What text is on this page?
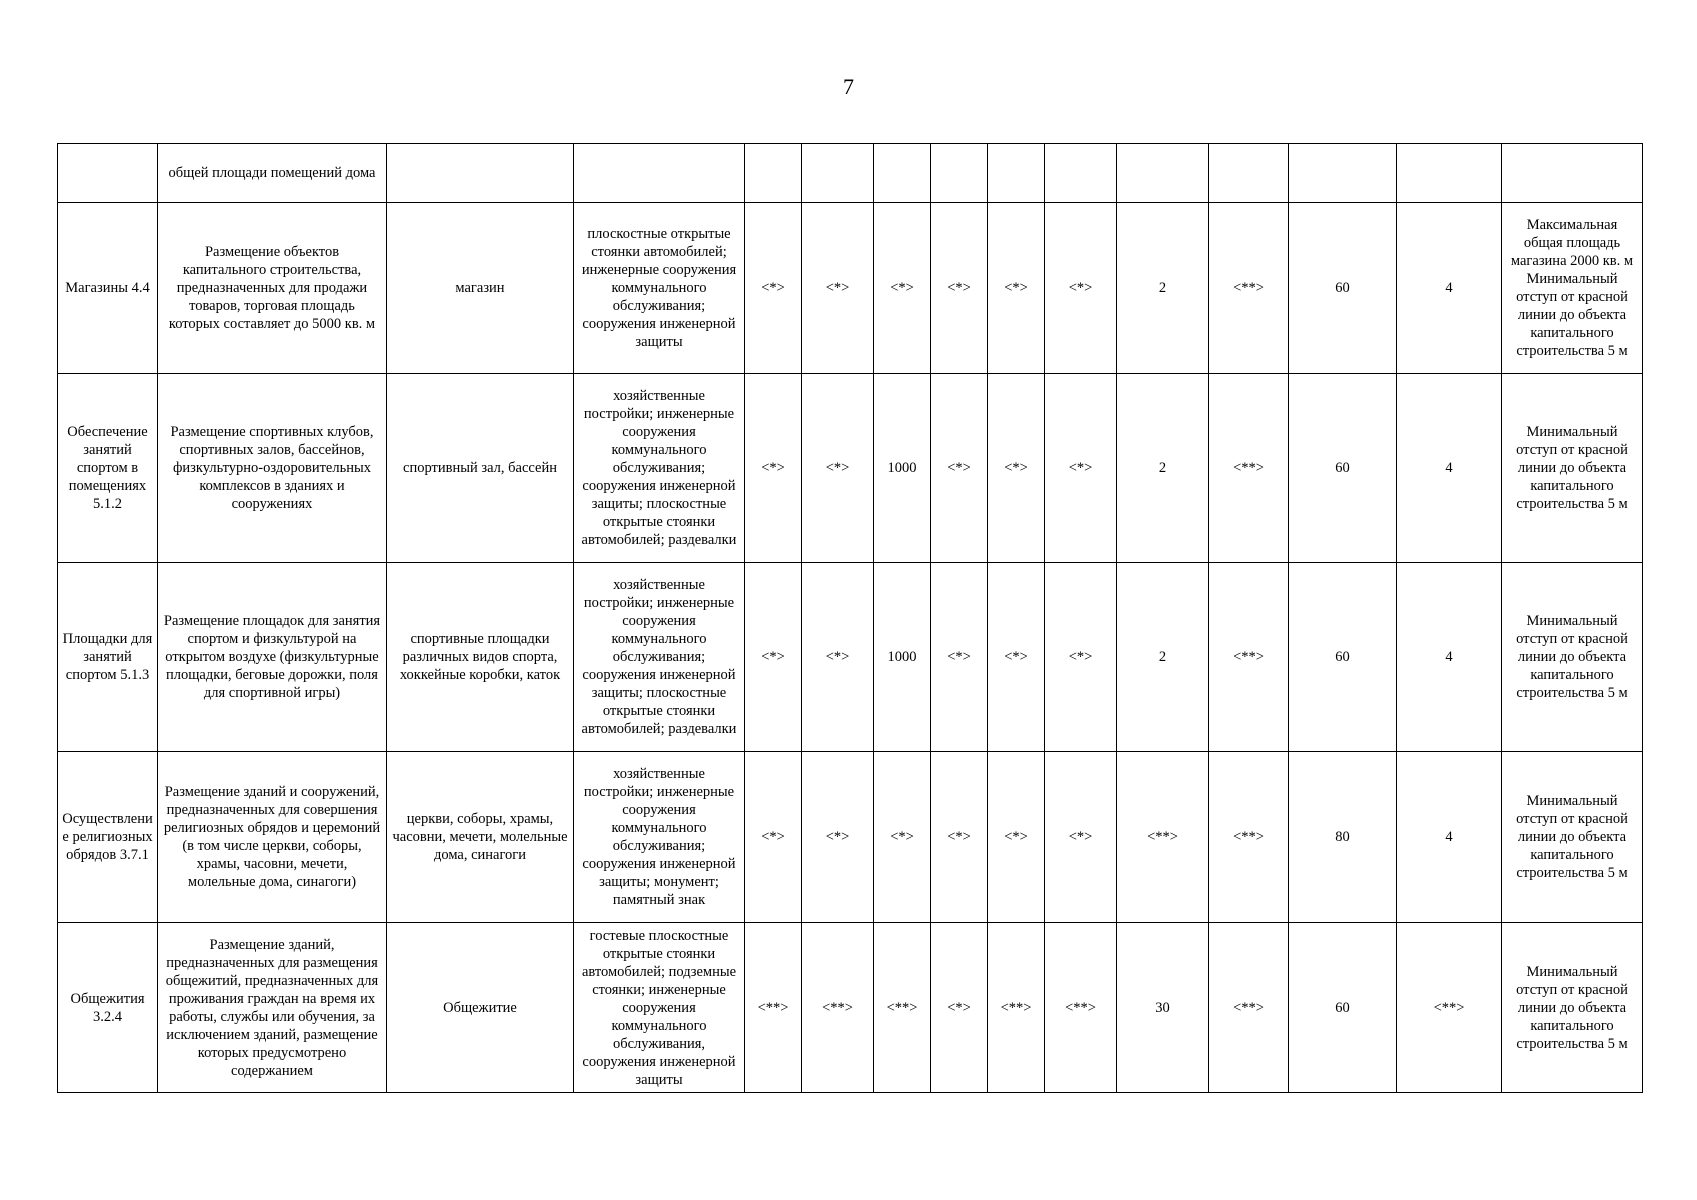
7
	общей площади помещений дома													
Магазины 4.4	Размещение объектов капитального строительства, предназначенных для продажи товаров, торговая площадь которых составляет до 5000 кв. м	магазин	плоскостные открытые стоянки автомобилей; инженерные сооружения коммунального обслуживания; сооружения инженерной защиты	<*>	<*>	<*>	<*>	<*>	<*>	2	<**>	60	4	Максимальная общая площадь магазина 2000 кв. м Минимальный отступ от красной линии до объекта капитального строительства 5 м
Обеспечение занятий спортом в помещениях 5.1.2	Размещение спортивных клубов, спортивных залов, бассейнов, физкультурно-оздоровительных комплексов в зданиях и сооружениях	спортивный зал, бассейн	хозяйственные постройки; инженерные сооружения коммунального обслуживания; сооружения инженерной защиты; плоскостные открытые стоянки автомобилей; раздевалки	<*>	<*>	1000	<*>	<*>	<*>	2	<**>	60	4	Минимальный отступ от красной линии до объекта капитального строительства 5 м
Площадки для занятий спортом 5.1.3	Размещение площадок для занятия спортом и физкультурой на открытом воздухе (физкультурные площадки, беговые дорожки, поля для спортивной игры)	спортивные площадки различных видов спорта, хоккейные коробки, каток	хозяйственные постройки; инженерные сооружения коммунального обслуживания; сооружения инженерной защиты; плоскостные открытые стоянки автомобилей; раздевалки	<*>	<*>	1000	<*>	<*>	<*>	2	<**>	60	4	Минимальный отступ от красной линии до объекта капитального строительства 5 м
Осуществление религиозных обрядов 3.7.1	Размещение зданий и сооружений, предназначенных для совершения религиозных обрядов и церемоний (в том числе церкви, соборы, храмы, часовни, мечети, молельные дома, синагоги)	церкви, соборы, храмы, часовни, мечети, молельные дома, синагоги	хозяйственные постройки; инженерные сооружения коммунального обслуживания; сооружения инженерной защиты; монумент; памятный знак	<*>	<*>	<*>	<*>	<*>	<*>	<**>	<**>	80	4	Минимальный отступ от красной линии до объекта капитального строительства 5 м
Общежития 3.2.4	Размещение зданий, предназначенных для размещения общежитий, предназначенных для проживания граждан на время их работы, службы или обучения, за исключением зданий, размещение которых предусмотрено содержанием	Общежитие	гостевые плоскостные открытые стоянки автомобилей; подземные стоянки; инженерные сооружения коммунального обслуживания, сооружения инженерной защиты	<**>	<**>	<**>	<*>	<**>	<**>	30	<**>	60	<**>	Минимальный отступ от красной линии до объекта капитального строительства 5 м
